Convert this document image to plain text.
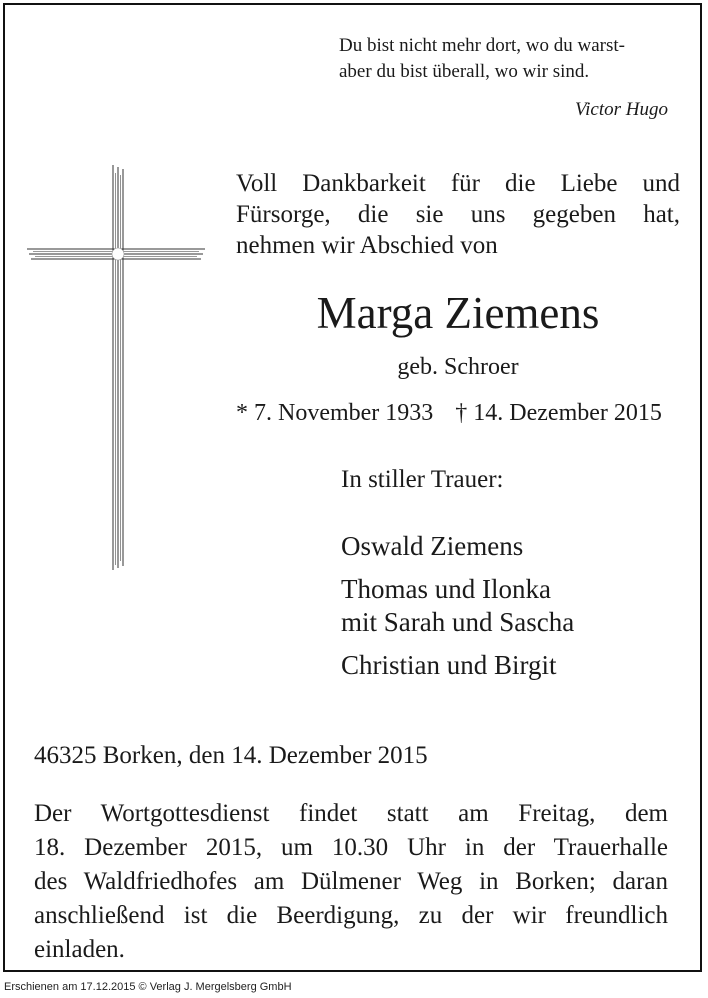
Du bist nicht mehr dort, wo du warst-
aber du bist überall, wo wir sind.
Victor Hugo
Voll Dankbarkeit für die Liebe und
Fürsorge, die sie uns gegeben hat,
nehmen wir Abschied von
Marga Ziemens
geb. Schroer
* 7. November 1933 † 14. Dezember 2015
In stiller Trauer:
Oswald Ziemens
Thomas und Ilonka
mit Sarah und Sascha
Christian und Birgit
46325 Borken, den 14. Dezember 2015
Der Wortgottesdienst findet statt am Freitag, dem
18. Dezember 2015, um 10.30 Uhr in der Trauerhalle
des Waldfriedhofes am Dülmener Weg in Borken; daran
anschließend ist die Beerdigung, zu der wir freundlich
einladen.
Erschienen am 17.12.2015 © Verlag J. Mergelsberg GmbH
